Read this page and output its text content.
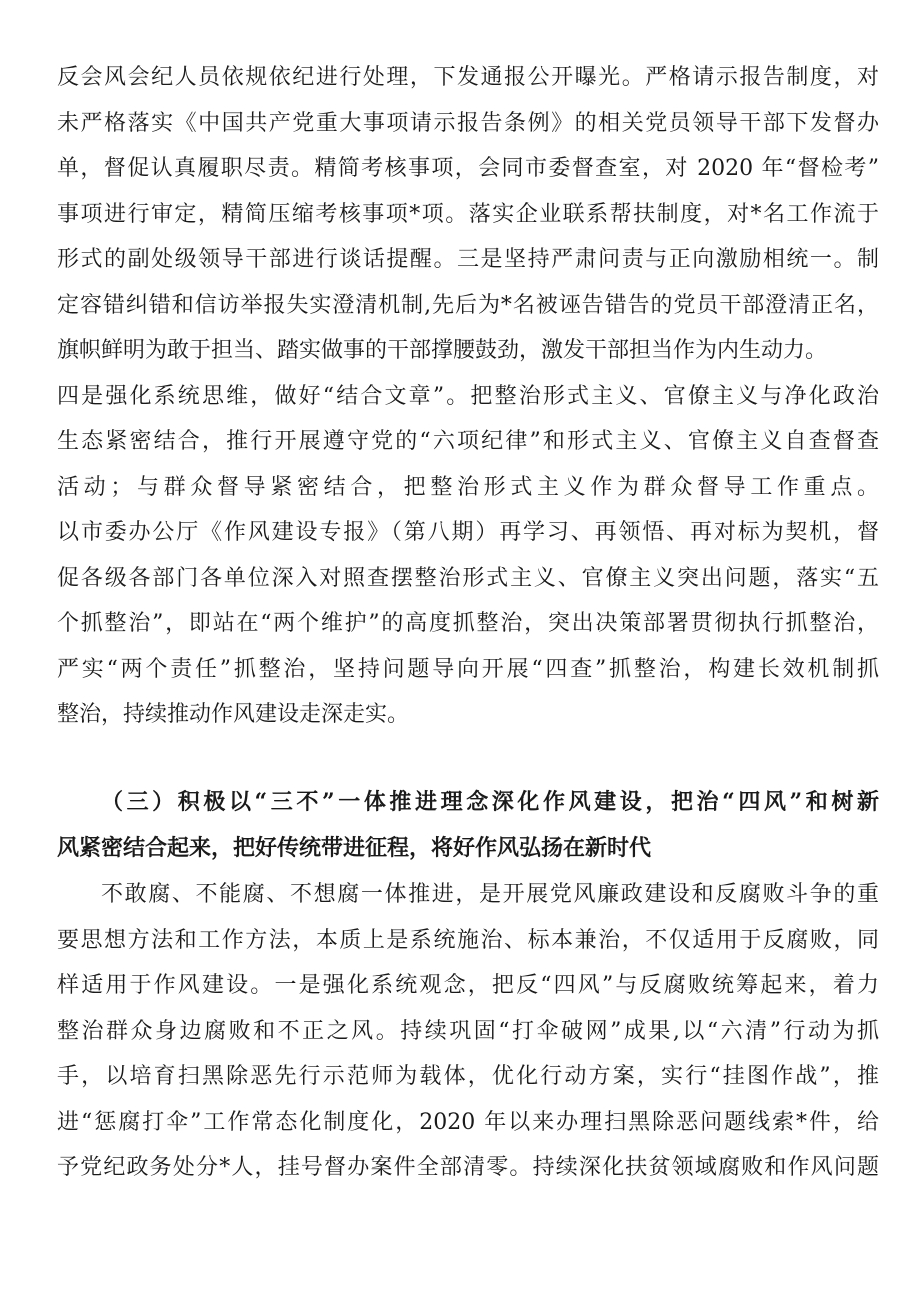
反会风会纪人员依规依纪进行处理，下发通报公开曝光。严格请示报告制度，对
未严格落实《中国共产党重大事项请示报告条例》的相关党员领导干部下发督办
单，督促认真履职尽责。精简考核事项，会同市委督查室，对 2020 年“督检考”
事项进行审定，精简压缩考核事项*项。落实企业联系帮扶制度，对*名工作流于
形式的副处级领导干部进行谈话提醒。三是坚持严肃问责与正向激励相统一。制
定容错纠错和信访举报失实澄清机制,先后为*名被诬告错告的党员干部澄清正名，
旗帜鲜明为敢于担当、踏实做事的干部撑腰鼓劲，激发干部担当作为内生动力。
四是强化系统思维，做好“结合文章”。把整治形式主义、官僚主义与净化政治
生态紧密结合，推行开展遵守党的“六项纪律”和形式主义、官僚主义自查督查
活动；与群众督导紧密结合，把整治形式主义作为群众督导工作重点。
以市委办公厅《作风建设专报》（第八期）再学习、再领悟、再对标为契机，督
促各级各部门各单位深入对照查摆整治形式主义、官僚主义突出问题，落实“五
个抓整治”，即站在“两个维护”的高度抓整治，突出决策部署贯彻执行抓整治，
严实“两个责任”抓整治，坚持问题导向开展“四查”抓整治，构建长效机制抓
整治，持续推动作风建设走深走实。
（三）积极以“三不”一体推进理念深化作风建设，把治“四风”和树新
风紧密结合起来，把好传统带进征程，将好作风弘扬在新时代
不敢腐、不能腐、不想腐一体推进，是开展党风廉政建设和反腐败斗争的重
要思想方法和工作方法，本质上是系统施治、标本兼治，不仅适用于反腐败，同
样适用于作风建设。一是强化系统观念，把反“四风”与反腐败统筹起来，着力
整治群众身边腐败和不正之风。持续巩固“打伞破网”成果,以“六清”行动为抓
手，以培育扫黑除恶先行示范师为载体，优化行动方案，实行“挂图作战”，推
进“惩腐打伞”工作常态化制度化，2020 年以来办理扫黑除恶问题线索*件，给
予党纪政务处分*人，挂号督办案件全部清零。持续深化扶贫领域腐败和作风问题
